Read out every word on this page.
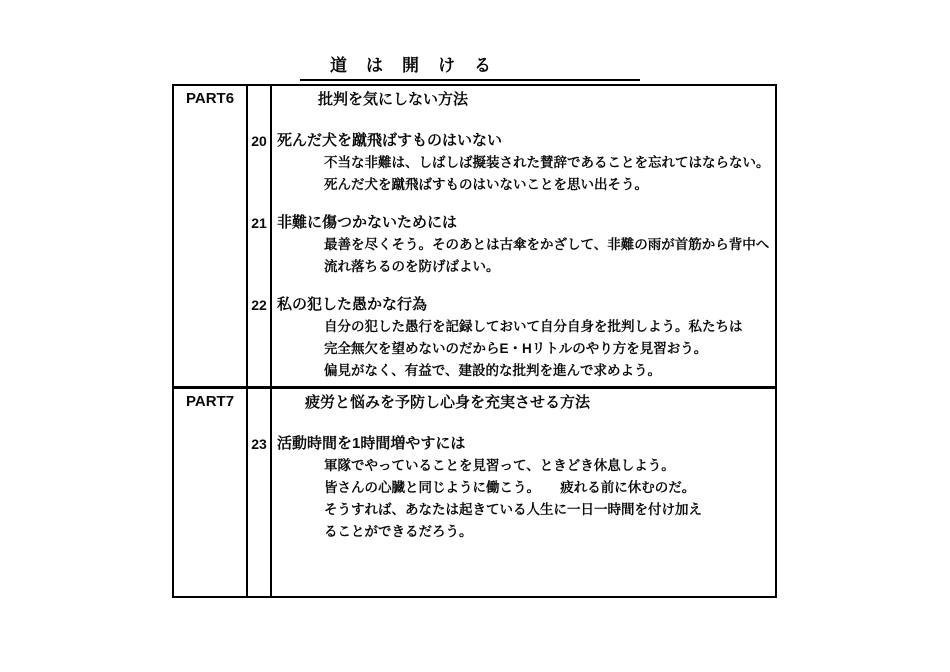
道　は　開　け　る
PART6	批判を気にしない方法
20 死んだ犬を蹴飛ばすものはいない
不当な非難は、しばしば擬装された賛辞であることを忘れてはならない。
死んだ犬を蹴飛ばすものはいないことを思い出そう。
21 非難に傷つかないためには
最善を尽くそう。そのあとは古傘をかざして、非難の雨が首筋から背中へ
流れ落ちるのを防げばよい。
22 私の犯した愚かな行為
自分の犯した愚行を記録しておいて自分自身を批判しよう。私たちは
完全無欠を望めないのだからE・Hリトルのやり方を見習おう。
偏見がなく、有益で、建設的な批判を進んで求めよう。
PART7	疲労と悩みを予防し心身を充実させる方法
23 活動時間を1時間増やすには
軍隊でやっていることを見習って、ときどき休息しよう。
皆さんの心臓と同じように働こう。　　疲れる前に休むのだ。
そうすれば、あなたは起きている人生に一日一時間を付け加え
ることができるだろう。
